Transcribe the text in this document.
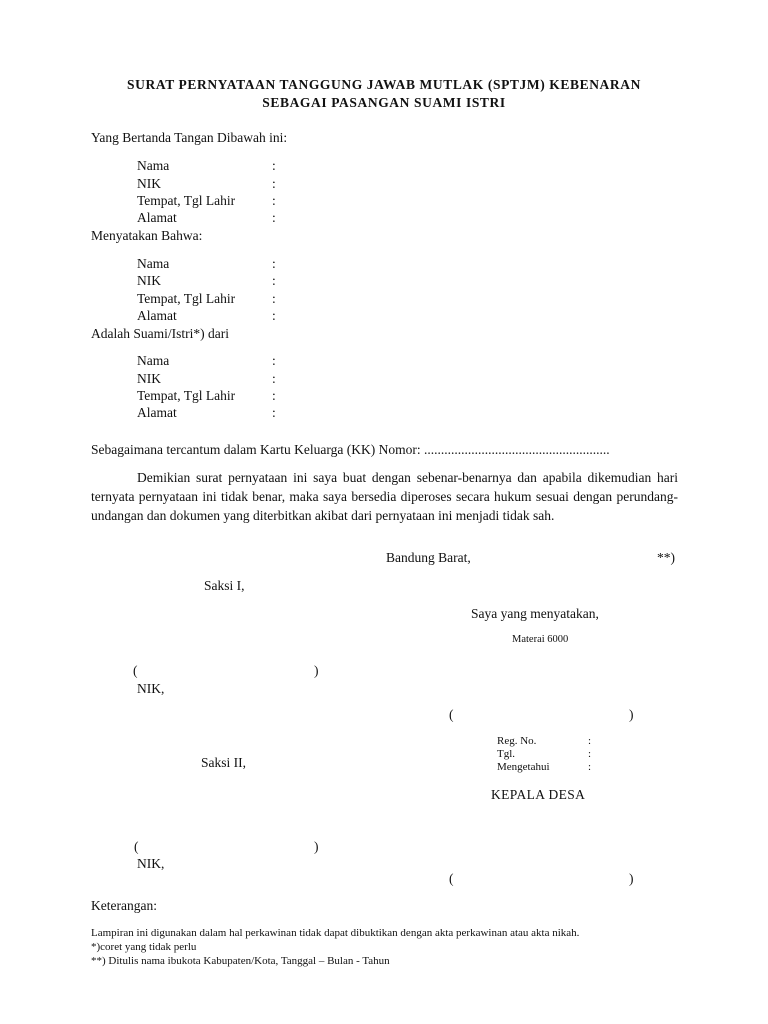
SURAT PERNYATAAN TANGGUNG JAWAB MUTLAK (SPTJM) KEBENARAN
SEBAGAI PASANGAN SUAMI ISTRI
Yang Bertanda Tangan Dibawah ini:
Nama	:
NIK	:
Tempat, Tgl Lahir	:
Alamat	:
Menyatakan Bahwa:
Nama	:
NIK	:
Tempat, Tgl Lahir	:
Alamat	:
Adalah Suami/Istri*) dari
Nama	:
NIK	:
Tempat, Tgl Lahir	:
Alamat	:
Sebagaimana tercantum dalam Kartu Keluarga (KK) Nomor: .......................................................
Demikian surat pernyataan ini saya buat dengan sebenar-benarnya dan apabila dikemudian hari ternyata pernyataan ini tidak benar, maka saya bersedia diperoses secara hukum sesuai dengan perundang-undangan dan dokumen yang diterbitkan akibat dari pernyataan ini menjadi tidak sah.
Bandung Barat,	**)
Saksi I,
Saya yang menyatakan,
Materai 6000
(	)
NIK,
(	)
Reg. No.	:
Tgl.	:
Mengetahui	:
Saksi II,
KEPALA DESA
(	)
NIK,
(	)
Keterangan:
Lampiran ini digunakan dalam hal perkawinan tidak dapat dibuktikan dengan akta perkawinan atau akta nikah.
*)coret yang tidak perlu
**) Ditulis nama ibukota Kabupaten/Kota, Tanggal – Bulan - Tahun
